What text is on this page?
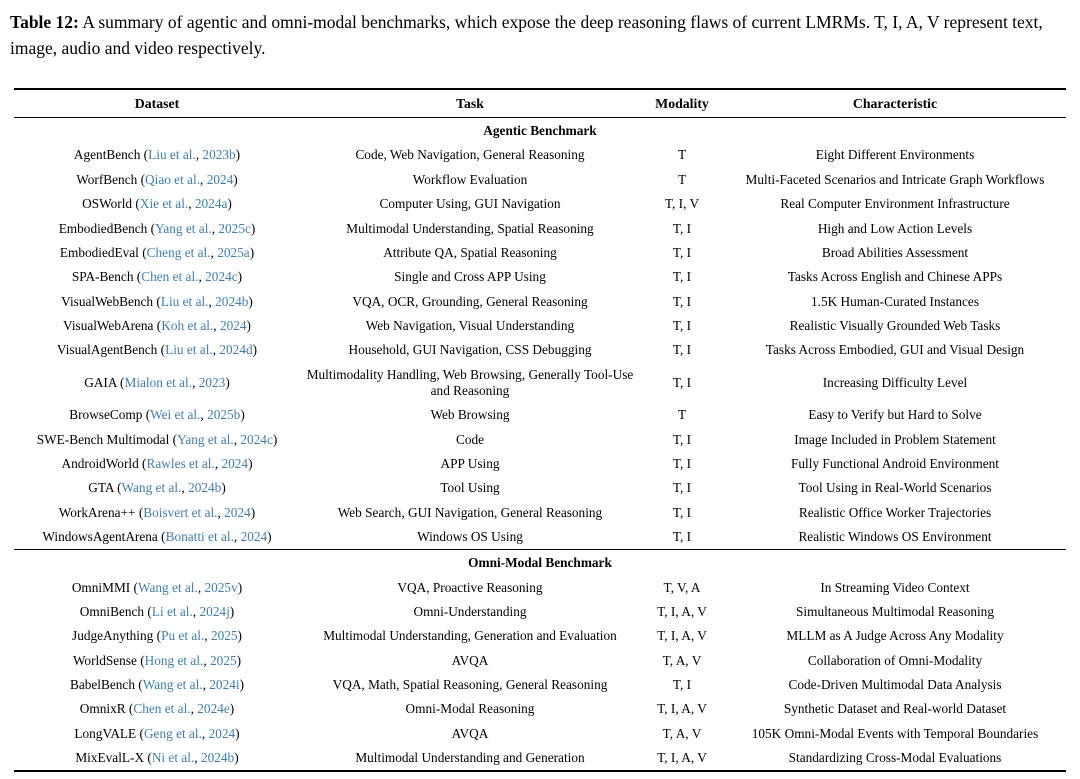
Table 12: A summary of agentic and omni-modal benchmarks, which expose the deep reasoning flaws of current LMRMs. T, I, A, V represent text, image, audio and video respectively.
Dataset	Task	Modality	Characteristic
Agentic Benchmark			
AgentBench (Liu et al., 2023b)	Code, Web Navigation, General Reasoning	T	Eight Different Environments
WorfBench (Qiao et al., 2024)	Workflow Evaluation	T	Multi-Faceted Scenarios and Intricate Graph Workflows
OSWorld (Xie et al., 2024a)	Computer Using, GUI Navigation	T, I, V	Real Computer Environment Infrastructure
EmbodiedBench (Yang et al., 2025c)	Multimodal Understanding, Spatial Reasoning	T, I	High and Low Action Levels
EmbodiedEval (Cheng et al., 2025a)	Attribute QA, Spatial Reasoning	T, I	Broad Abilities Assessment
SPA-Bench (Chen et al., 2024c)	Single and Cross APP Using	T, I	Tasks Across English and Chinese APPs
VisualWebBench (Liu et al., 2024b)	VQA, OCR, Grounding, General Reasoning	T, I	1.5K Human-Curated Instances
VisualWebArena (Koh et al., 2024)	Web Navigation, Visual Understanding	T, I	Realistic Visually Grounded Web Tasks
VisualAgentBench (Liu et al., 2024d)	Household, GUI Navigation, CSS Debugging	T, I	Tasks Across Embodied, GUI and Visual Design
GAIA (Mialon et al., 2023)	Multimodality Handling, Web Browsing, Generally Tool-Use and Reasoning	T, I	Increasing Difficulty Level
BrowseComp (Wei et al., 2025b)	Web Browsing	T	Easy to Verify but Hard to Solve
SWE-Bench Multimodal (Yang et al., 2024c)	Code	T, I	Image Included in Problem Statement
AndroidWorld (Rawles et al., 2024)	APP Using	T, I	Fully Functional Android Environment
GTA (Wang et al., 2024b)	Tool Using	T, I	Tool Using in Real-World Scenarios
WorkArena++ (Boisvert et al., 2024)	Web Search, GUI Navigation, General Reasoning	T, I	Realistic Office Worker Trajectories
WindowsAgentArena (Bonatti et al., 2024)	Windows OS Using	T, I	Realistic Windows OS Environment
Omni-Modal Benchmark			
OmniMMI (Wang et al., 2025v)	VQA, Proactive Reasoning	T, V, A	In Streaming Video Context
OmniBench (Li et al., 2024j)	Omni-Understanding	T, I, A, V	Simultaneous Multimodal Reasoning
JudgeAnything (Pu et al., 2025)	Multimodal Understanding, Generation and Evaluation	T, I, A, V	MLLM as A Judge Across Any Modality
WorldSense (Hong et al., 2025)	AVQA	T, A, V	Collaboration of Omni-Modality
BabelBench (Wang et al., 2024i)	VQA, Math, Spatial Reasoning, General Reasoning	T, I	Code-Driven Multimodal Data Analysis
OmnixR (Chen et al., 2024e)	Omni-Modal Reasoning	T, I, A, V	Synthetic Dataset and Real-world Dataset
LongVALE (Geng et al., 2024)	AVQA	T, A, V	105K Omni-Modal Events with Temporal Boundaries
MixEvalL-X (Ni et al., 2024b)	Multimodal Understanding and Generation	T, I, A, V	Standardizing Cross-Modal Evaluations
